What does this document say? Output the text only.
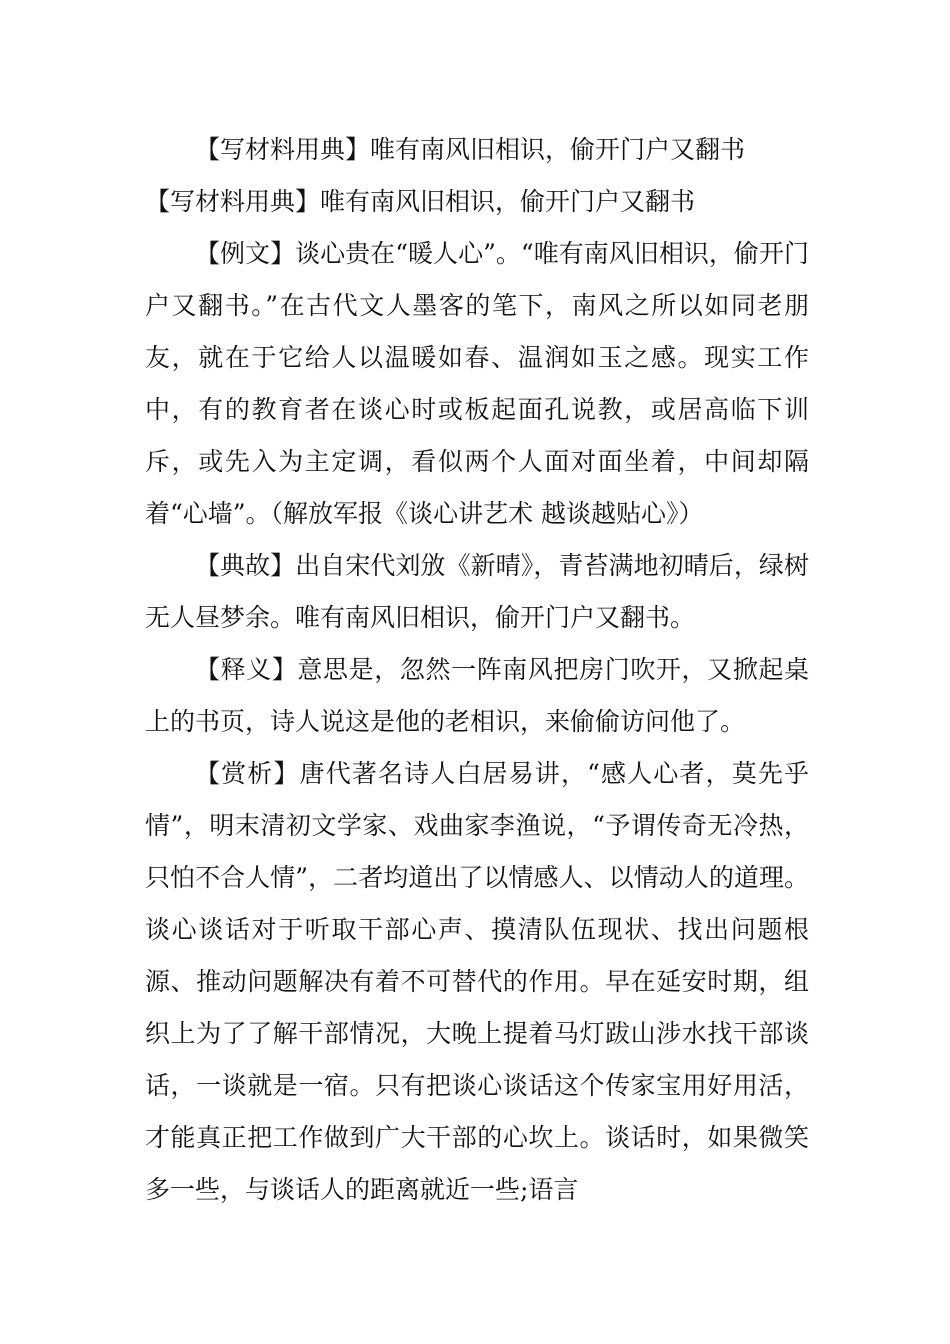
【写材料用典】唯有南风旧相识，偷开门户又翻书
【写材料用典】唯有南风旧相识，偷开门户又翻书

【例文】谈心贵在“暖人心”。“唯有南风旧相识，偷开门户又翻书。”在古代文人墨客的笔下，南风之所以如同老朋友，就在于它给人以温暖如春、温润如玉之感。现实工作中，有的教育者在谈心时或板起面孔说教，或居高临下训斥，或先入为主定调，看似两个人面对面坐着，中间却隔着“心墙”。（解放军报《谈心讲艺术 越谈越贴心》）

【典故】出自宋代刘攽《新晴》，青苔满地初晴后，绿树无人昼梦余。唯有南风旧相识，偷开门户又翻书。

【释义】意思是，忽然一阵南风把房门吹开，又掀起桌上的书页，诗人说这是他的老相识，来偷偷访问他了。

【赏析】唐代著名诗人白居易讲，“感人心者，莫先乎情”，明末清初文学家、戏曲家李渔说，“予谓传奇无冷热，只怕不合人情”，二者均道出了以情感人、以情动人的道理。谈心谈话对于听取干部心声、摸清队伍现状、找出问题根源、推动问题解决有着不可替代的作用。早在延安时期，组织上为了了解干部情况，大晚上提着马灯跋山涉水找干部谈话，一谈就是一宿。只有把谈心谈话这个传家宝用好用活，才能真正把工作做到广大干部的心坎上。谈话时，如果微笑多一些，与谈话人的距离就近一些;语言
